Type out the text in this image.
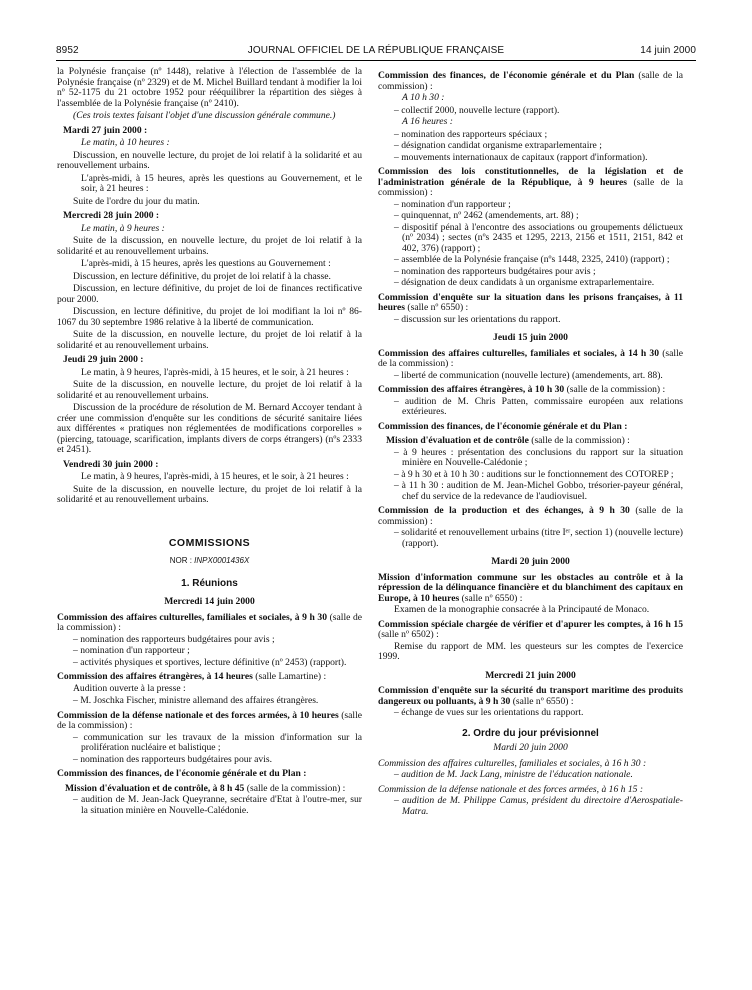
8952	JOURNAL OFFICIEL DE LA RÉPUBLIQUE FRANÇAISE	14 juin 2000

la Polynésie française (nº 1448), relative à l'élection de l'assemblée de la Polynésie française (nº 2329) et de M. Michel Buillard tendant à modifier la loi nº 52-1175 du 21 octobre 1952 pour rééquilibrer la répartition des sièges à l'assemblée de la Polynésie française (nº 2410).

(Ces trois textes faisant l'objet d'une discussion générale commune.)

Mardi 27 juin 2000 :

Le matin, à 10 heures :

Discussion, en nouvelle lecture, du projet de loi relatif à la solidarité et au renouvellement urbains.

L'après-midi, à 15 heures, après les questions au Gouvernement, et le soir, à 21 heures :

Suite de l'ordre du jour du matin.

Mercredi 28 juin 2000 :

Le matin, à 9 heures :

Suite de la discussion, en nouvelle lecture, du projet de loi relatif à la solidarité et au renouvellement urbains.

L'après-midi, à 15 heures, après les questions au Gouvernement :

Discussion, en lecture définitive, du projet de loi relatif à la chasse.

Discussion, en lecture définitive, du projet de loi de finances rectificative pour 2000.

Discussion, en lecture définitive, du projet de loi modifiant la loi nº 86-1067 du 30 septembre 1986 relative à la liberté de communication.

Suite de la discussion, en nouvelle lecture, du projet de loi relatif à la solidarité et au renouvellement urbains.

Jeudi 29 juin 2000 :

Le matin, à 9 heures, l'après-midi, à 15 heures, et le soir, à 21 heures :

Suite de la discussion, en nouvelle lecture, du projet de loi relatif à la solidarité et au renouvellement urbains.

Discussion de la procédure de résolution de M. Bernard Accoyer tendant à créer une commission d'enquête sur les conditions de sécurité sanitaire liées aux différentes « pratiques non réglementées de modifications corporelles » (piercing, tatouage, scarification, implants divers de corps étrangers) (nºs 2333 et 2451).

Vendredi 30 juin 2000 :

Le matin, à 9 heures, l'après-midi, à 15 heures, et le soir, à 21 heures :

Suite de la discussion, en nouvelle lecture, du projet de loi relatif à la solidarité et au renouvellement urbains.

COMMISSIONS

NOR : INPX0001436X

1. Réunions

Mercredi 14 juin 2000

Commission des affaires culturelles, familiales et sociales, à 9 h 30 (salle de la commission) :

– nomination des rapporteurs budgétaires pour avis ;

– nomination d'un rapporteur ;

– activités physiques et sportives, lecture définitive (nº 2453) (rapport).

Commission des affaires étrangères, à 14 heures (salle Lamartine) :

Audition ouverte à la presse :

– M. Joschka Fischer, ministre allemand des affaires étrangères.

Commission de la défense nationale et des forces armées, à 10 heures (salle de la commission) :

– communication sur les travaux de la mission d'information sur la prolifération nucléaire et balistique ;

– nomination des rapporteurs budgétaires pour avis.

Commission des finances, de l'économie générale et du Plan :

Mission d'évaluation et de contrôle, à 8 h 45 (salle de la commission) :

– audition de M. Jean-Jack Queyranne, secrétaire d'Etat à l'outre-mer, sur la situation minière en Nouvelle-Calédonie.

Commission des finances, de l'économie générale et du Plan (salle de la commission) :

A 10 h 30 :

– collectif 2000, nouvelle lecture (rapport).

A 16 heures :

– nomination des rapporteurs spéciaux ;

– désignation candidat organisme extraparlementaire ;

– mouvements internationaux de capitaux (rapport d'information).

Commission des lois constitutionnelles, de la législation et de l'administration générale de la République, à 9 heures (salle de la commission) :

– nomination d'un rapporteur ;

– quinquennat, nº 2462 (amendements, art. 88) ;

– dispositif pénal à l'encontre des associations ou groupements délictueux (nº 2034) ; sectes (nºs 2435 et 1295, 2213, 2156 et 1511, 2151, 842 et 402, 376) (rapport) ;

– assemblée de la Polynésie française (nºs 1448, 2325, 2410) (rapport) ;

– nomination des rapporteurs budgétaires pour avis ;

– désignation de deux candidats à un organisme extraparlementaire.

Commission d'enquête sur la situation dans les prisons françaises, à 11 heures (salle nº 6550) :

– discussion sur les orientations du rapport.

Jeudi 15 juin 2000

Commission des affaires culturelles, familiales et sociales, à 14 h 30 (salle de la commission) :

– liberté de communication (nouvelle lecture) (amendements, art. 88).

Commission des affaires étrangères, à 10 h 30 (salle de la commission) :

– audition de M. Chris Patten, commissaire européen aux relations extérieures.

Commission des finances, de l'économie générale et du Plan :

Mission d'évaluation et de contrôle (salle de la commission) :

– à 9 heures : présentation des conclusions du rapport sur la situation minière en Nouvelle-Calédonie ;

– à 9 h 30 et à 10 h 30 : auditions sur le fonctionnement des COTOREP ;

– à 11 h 30 : audition de M. Jean-Michel Gobbo, trésorier-payeur général, chef du service de la redevance de l'audiovisuel.

Commission de la production et des échanges, à 9 h 30 (salle de la commission) :

– solidarité et renouvellement urbains (titre Iᵉʳ, section 1) (nouvelle lecture) (rapport).

Mardi 20 juin 2000

Mission d'information commune sur les obstacles au contrôle et à la répression de la délinquance financière et du blanchiment des capitaux en Europe, à 10 heures (salle nº 6550) :

Examen de la monographie consacrée à la Principauté de Monaco.

Commission spéciale chargée de vérifier et d'apurer les comptes, à 16 h 15 (salle nº 6502) :

Remise du rapport de MM. les questeurs sur les comptes de l'exercice 1999.

Mercredi 21 juin 2000

Commission d'enquête sur la sécurité du transport maritime des produits dangereux ou polluants, à 9 h 30 (salle nº 6550) :

– échange de vues sur les orientations du rapport.

2. Ordre du jour prévisionnel

Mardi 20 juin 2000

Commission des affaires culturelles, familiales et sociales, à 16 h 30 :

– audition de M. Jack Lang, ministre de l'éducation nationale.

Commission de la défense nationale et des forces armées, à 16 h 15 :

– audition de M. Philippe Camus, président du directoire d'Aerospatiale-Matra.
